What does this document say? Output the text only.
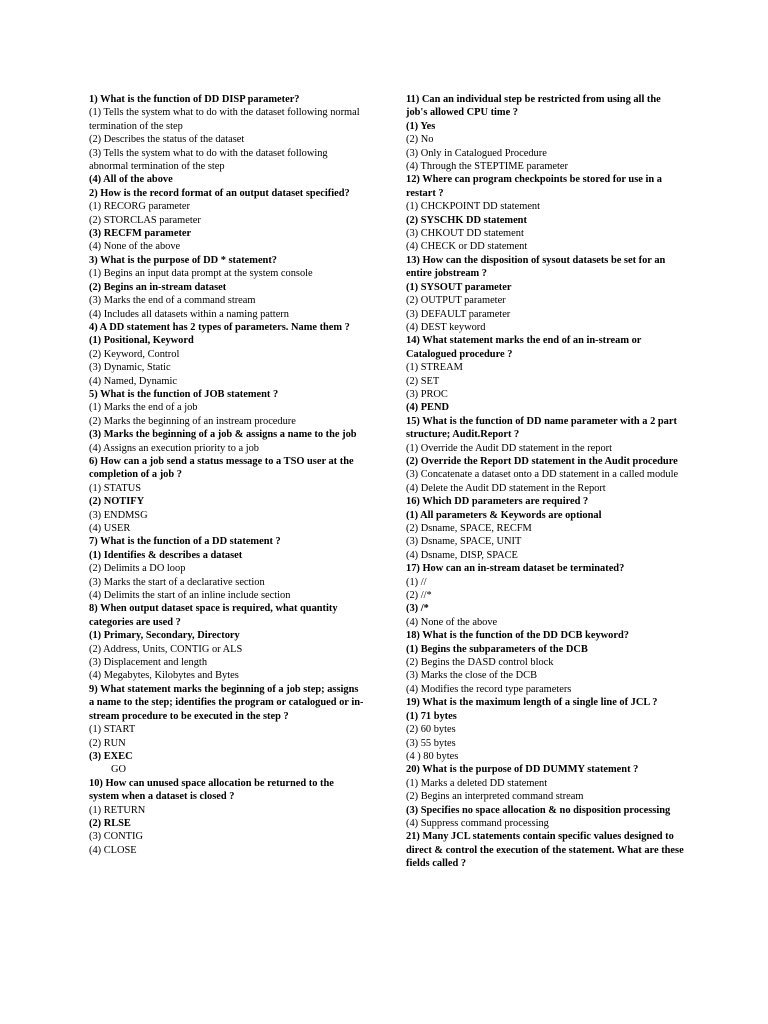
1) What is the function of DD DISP parameter?

(1) Tells the system what to do with the dataset following normal termination of the step

(2) Describes the status of the dataset

(3) Tells the system what to do with the dataset following abnormal termination of the step

(4) All of the above

2) How is the record format of an output dataset specified?

(1) RECORG parameter

(2) STORCLAS parameter

(3) RECFM parameter

(4) None of the above

3) What is the purpose of DD * statement?

(1) Begins an input data prompt at the system console

(2) Begins an in-stream dataset

(3) Marks the end of a command stream

(4) Includes all datasets within a naming pattern

4) A DD statement has 2 types of parameters. Name them ?

(1) Positional, Keyword

(2) Keyword, Control

(3) Dynamic, Static

(4) Named, Dynamic

5) What is the function of JOB statement ?

(1) Marks the end of a job

(2) Marks the beginning of an instream procedure

(3) Marks the beginning of a job & assigns a name to the job

(4) Assigns an execution priority to a job

6) How can a job send a status message to a TSO user at the completion of a job ?

(1) STATUS

(2) NOTIFY

(3) ENDMSG

(4) USER

7) What is the function of a DD statement ?

(1) Identifies & describes a dataset

(2) Delimits a DO loop

(3) Marks the start of a declarative section

(4) Delimits the start of an inline include section

8) When output dataset space is required, what quantity categories are used ?

(1) Primary, Secondary, Directory

(2) Address, Units, CONTIG or ALS

(3) Displacement and length

(4) Megabytes, Kilobytes and Bytes

9) What statement marks the beginning of a job step; assigns a name to the step; identifies the program or catalogued or in-stream procedure to be executed in the step ?

(1) START

(2) RUN

(3) EXEC

GO

10) How can unused space allocation be returned to the system when a dataset is closed ?

(1) RETURN

(2) RLSE

(3) CONTIG

(4) CLOSE

11) Can an individual step be restricted from using all the job's allowed CPU time ?

(1) Yes

(2) No

(3) Only in Catalogued Procedure

(4) Through the STEPTIME parameter

12) Where can program checkpoints be stored for use in a restart ?

(1) CHCKPOINT DD statement

(2) SYSCHK DD statement

(3) CHKOUT DD statement

(4) CHECK or DD statement

13) How can the disposition of sysout datasets be set for an entire jobstream ?

(1) SYSOUT parameter

(2) OUTPUT parameter

(3) DEFAULT parameter

(4) DEST keyword

14) What statement marks the end of an in-stream or Catalogued procedure ?

(1) STREAM

(2) SET

(3) PROC

(4) PEND

15) What is the function of DD name parameter with a 2 part structure; Audit.Report ?

(1) Override the Audit DD statement in the report

(2) Override the Report DD statement in the Audit procedure

(3) Concatenate a dataset onto a DD statement in a called module

(4) Delete the Audit DD statement in the Report

16) Which DD parameters are required ?

(1) All parameters & Keywords are optional

(2) Dsname, SPACE, RECFM

(3) Dsname, SPACE, UNIT

(4) Dsname, DISP, SPACE

17) How can an in-stream dataset be terminated?

(1) //

(2) //*

(3) /*

(4) None of the above

18) What is the function of the DD DCB keyword?

(1) Begins the subparameters of the DCB

(2) Begins the DASD control block

(3) Marks the close of the DCB

(4) Modifies the record type parameters

19) What is the maximum length of a single line of JCL ?

(1) 71 bytes

(2) 60 bytes

(3) 55 bytes

(4 ) 80 bytes

20) What is the purpose of DD DUMMY statement ?

(1) Marks a deleted DD statement

(2) Begins an interpreted command stream

(3) Specifies no space allocation & no disposition processing

(4) Suppress command processing

21) Many JCL statements contain specific values designed to direct & control the execution of the statement. What are these fields called ?
